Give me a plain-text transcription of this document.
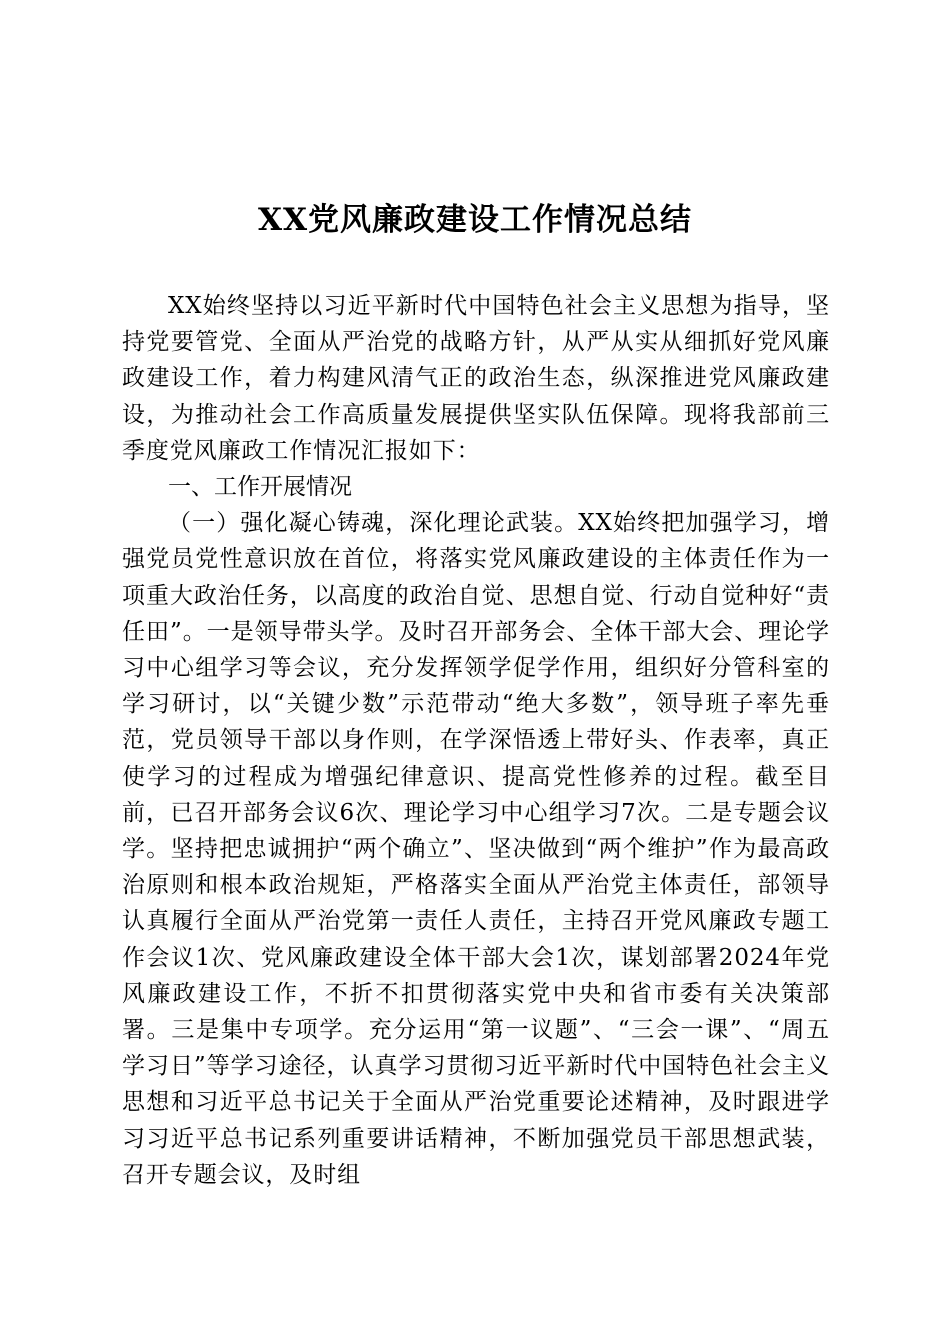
XX党风廉政建设工作情况总结

XX始终坚持以习近平新时代中国特色社会主义思想为指导，坚持党要管党、全面从严治党的战略方针，从严从实从细抓好党风廉政建设工作，着力构建风清气正的政治生态，纵深推进党风廉政建设，为推动社会工作高质量发展提供坚实队伍保障。现将我部前三季度党风廉政工作情况汇报如下：

一、工作开展情况

（一）强化凝心铸魂，深化理论武装。XX始终把加强学习，增强党员党性意识放在首位，将落实党风廉政建设的主体责任作为一项重大政治任务，以高度的政治自觉、思想自觉、行动自觉种好“责任田”。一是领导带头学。及时召开部务会、全体干部大会、理论学习中心组学习等会议，充分发挥领学促学作用，组织好分管科室的学习研讨，以“关键少数”示范带动“绝大多数”，领导班子率先垂范，党员领导干部以身作则，在学深悟透上带好头、作表率，真正使学习的过程成为增强纪律意识、提高党性修养的过程。截至目前，已召开部务会议6次、理论学习中心组学习7次。二是专题会议学。坚持把忠诚拥护“两个确立”、坚决做到“两个维护”作为最高政治原则和根本政治规矩，严格落实全面从严治党主体责任，部领导认真履行全面从严治党第一责任人责任，主持召开党风廉政专题工作会议1次、党风廉政建设全体干部大会1次，谋划部署2024年党风廉政建设工作，不折不扣贯彻落实党中央和省市委有关决策部署。三是集中专项学。充分运用“第一议题”、“三会一课”、“周五学习日”等学习途径，认真学习贯彻习近平新时代中国特色社会主义思想和习近平总书记关于全面从严治党重要论述精神，及时跟进学习习近平总书记系列重要讲话精神，不断加强党员干部思想武装，召开专题会议，及时组
